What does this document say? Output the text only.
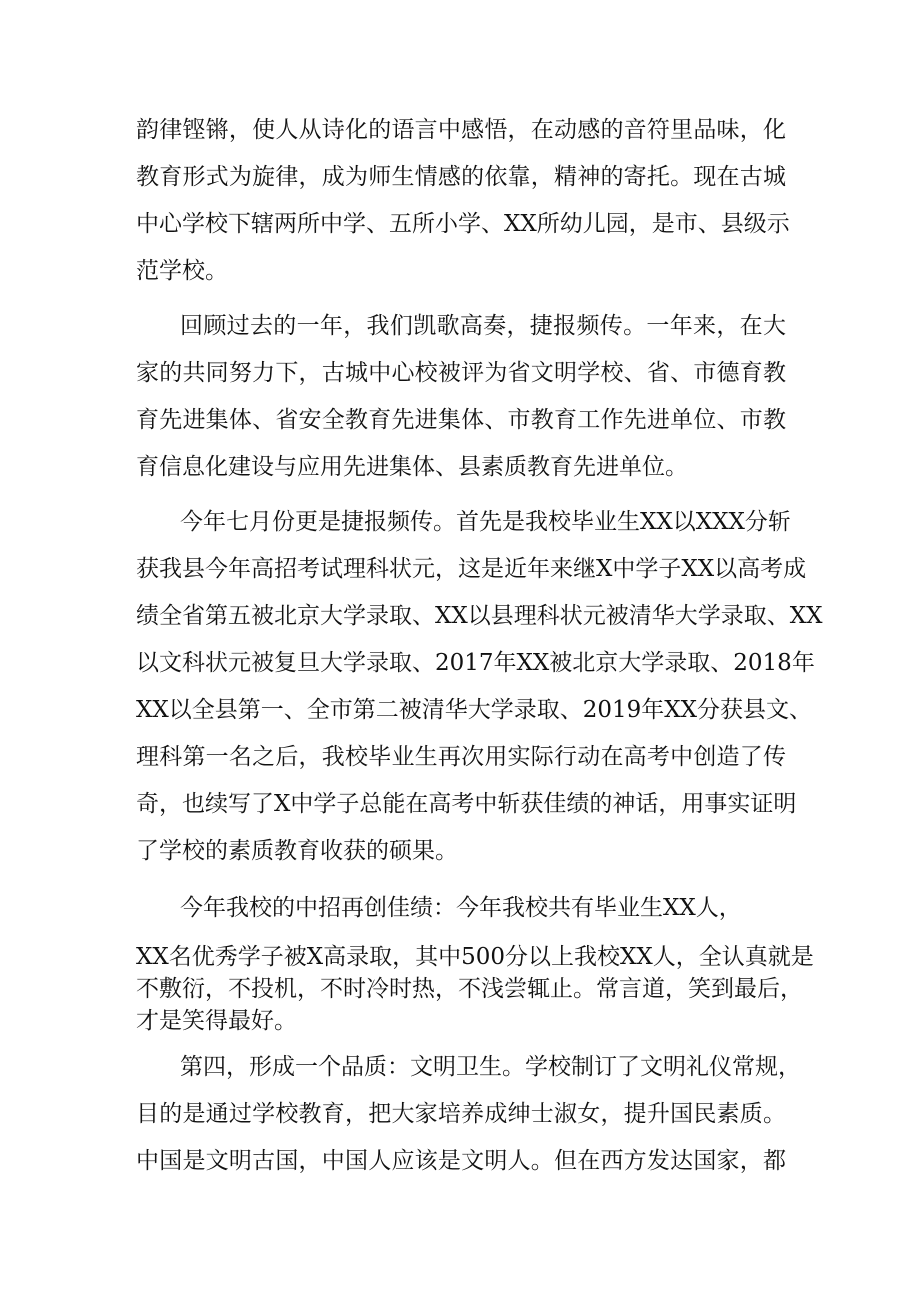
韵律铿锵，使人从诗化的语言中感悟，在动感的音符里品味，化
教育形式为旋律，成为师生情感的依靠，精神的寄托。现在古城
中心学校下辖两所中学、五所小学、XX所幼儿园，是市、县级示
范学校。
回顾过去的一年，我们凯歌高奏，捷报频传。一年来，在大
家的共同努力下，古城中心校被评为省文明学校、省、市德育教
育先进集体、省安全教育先进集体、市教育工作先进单位、市教
育信息化建设与应用先进集体、县素质教育先进单位。
今年七月份更是捷报频传。首先是我校毕业生XX以XXX分斩
获我县今年高招考试理科状元，这是近年来继X中学子XX以高考成
绩全省第五被北京大学录取、XX以县理科状元被清华大学录取、XX
以文科状元被复旦大学录取、2017年XX被北京大学录取、2018年
XX以全县第一、全市第二被清华大学录取、2019年XX分获县文、
理科第一名之后，我校毕业生再次用实际行动在高考中创造了传
奇，也续写了X中学子总能在高考中斩获佳绩的神话，用事实证明
了学校的素质教育收获的硕果。
今年我校的中招再创佳绩：今年我校共有毕业生XX人，
XX名优秀学子被X高录取，其中500分以上我校XX人，全认真就是
不敷衍，不投机，不时冷时热，不浅尝辄止。常言道，笑到最后，
才是笑得最好。
第四，形成一个品质：文明卫生。学校制订了文明礼仪常规，
目的是通过学校教育，把大家培养成绅士淑女，提升国民素质。
中国是文明古国，中国人应该是文明人。但在西方发达国家，都
